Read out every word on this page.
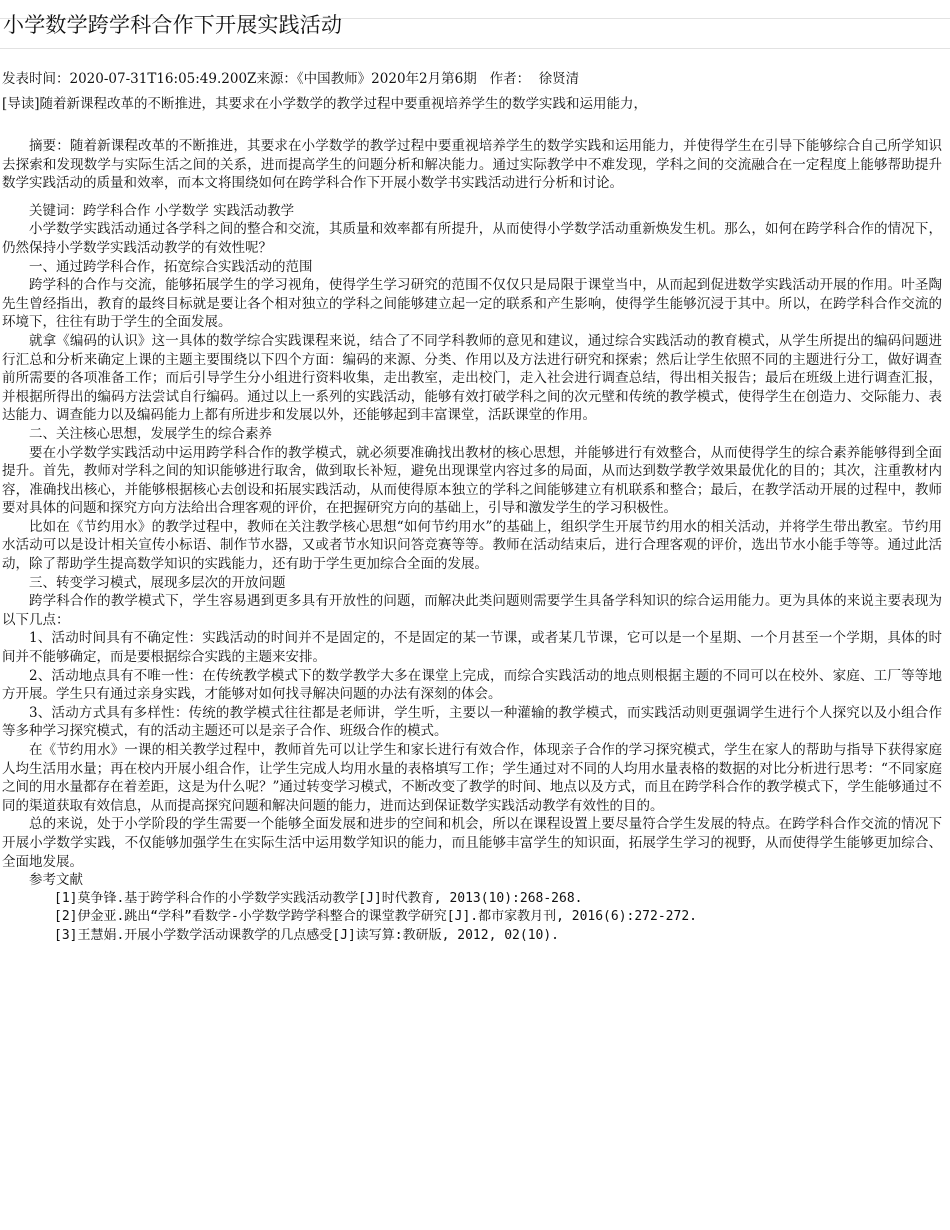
小学数学跨学科合作下开展实践活动
发表时间：2020-07-31T16:05:49.200Z来源：《中国教师》2020年2月第6期 作者： 徐贤清
[导读]随着新课程改革的不断推进，其要求在小学数学的教学过程中要重视培养学生的数学实践和运用能力，

摘要：随着新课程改革的不断推进，其要求在小学数学的教学过程中要重视培养学生的数学实践和运用能力，并使得学生在引导下能够综合自己所学知识去探索和发现数学与实际生活之间的关系，进而提高学生的问题分析和解决能力。通过实际教学中不难发现，学科之间的交流融合在一定程度上能够帮助提升数学实践活动的质量和效率，而本文将围绕如何在跨学科合作下开展小数学书实践活动进行分析和讨论。

关键词：跨学科合作 小学数学 实践活动教学

小学数学实践活动通过各学科之间的整合和交流，其质量和效率都有所提升，从而使得小学数学活动重新焕发生机。那么，如何在跨学科合作的情况下，仍然保持小学数学实践活动教学的有效性呢？

一、通过跨学科合作，拓宽综合实践活动的范围

跨学科的合作与交流，能够拓展学生的学习视角，使得学生学习研究的范围不仅仅只是局限于课堂当中，从而起到促进数学实践活动开展的作用。叶圣陶先生曾经指出，教育的最终目标就是要让各个相对独立的学科之间能够建立起一定的联系和产生影响，使得学生能够沉浸于其中。所以，在跨学科合作交流的环境下，往往有助于学生的全面发展。

就拿《编码的认识》这一具体的数学综合实践课程来说，结合了不同学科教师的意见和建议，通过综合实践活动的教育模式，从学生所提出的编码问题进行汇总和分析来确定上课的主题主要围绕以下四个方面：编码的来源、分类、作用以及方法进行研究和探索；然后让学生依照不同的主题进行分工，做好调查前所需要的各项准备工作；而后引导学生分小组进行资料收集，走出教室，走出校门，走入社会进行调查总结，得出相关报告；最后在班级上进行调查汇报，并根据所得出的编码方法尝试自行编码。通过以上一系列的实践活动，能够有效打破学科之间的次元壁和传统的教学模式，使得学生在创造力、交际能力、表达能力、调查能力以及编码能力上都有所进步和发展以外，还能够起到丰富课堂，活跃课堂的作用。

二、关注核心思想，发展学生的综合素养

要在小学数学实践活动中运用跨学科合作的教学模式，就必须要准确找出教材的核心思想，并能够进行有效整合，从而使得学生的综合素养能够得到全面提升。首先，教师对学科之间的知识能够进行取舍，做到取长补短，避免出现课堂内容过多的局面，从而达到数学教学效果最优化的目的；其次，注重教材内容，准确找出核心，并能够根据核心去创设和拓展实践活动，从而使得原本独立的学科之间能够建立有机联系和整合；最后，在教学活动开展的过程中，教师要对具体的问题和探究方向方法给出合理客观的评价，在把握研究方向的基础上，引导和激发学生的学习积极性。

比如在《节约用水》的教学过程中，教师在关注教学核心思想“如何节约用水”的基础上，组织学生开展节约用水的相关活动，并将学生带出教室。节约用水活动可以是设计相关宣传小标语、制作节水器，又或者节水知识问答竞赛等等。教师在活动结束后，进行合理客观的评价，选出节水小能手等等。通过此活动，除了帮助学生提高数学知识的实践能力，还有助于学生更加综合全面的发展。

三、转变学习模式，展现多层次的开放问题

跨学科合作的教学模式下，学生容易遇到更多具有开放性的问题，而解决此类问题则需要学生具备学科知识的综合运用能力。更为具体的来说主要表现为以下几点：

1、活动时间具有不确定性：实践活动的时间并不是固定的，不是固定的某一节课，或者某几节课，它可以是一个星期、一个月甚至一个学期，具体的时间并不能够确定，而是要根据综合实践的主题来安排。

2、活动地点具有不唯一性：在传统教学模式下的数学教学大多在课堂上完成，而综合实践活动的地点则根据主题的不同可以在校外、家庭、工厂等等地方开展。学生只有通过亲身实践，才能够对如何找寻解决问题的办法有深刻的体会。

3、活动方式具有多样性：传统的教学模式往往都是老师讲，学生听，主要以一种灌输的教学模式，而实践活动则更强调学生进行个人探究以及小组合作等多种学习探究模式，有的活动主题还可以是亲子合作、班级合作的模式。

在《节约用水》一课的相关教学过程中，教师首先可以让学生和家长进行有效合作，体现亲子合作的学习探究模式，学生在家人的帮助与指导下获得家庭人均生活用水量；再在校内开展小组合作，让学生完成人均用水量的表格填写工作；学生通过对不同的人均用水量表格的数据的对比分析进行思考：“不同家庭之间的用水量都存在着差距，这是为什么呢？”通过转变学习模式，不断改变了教学的时间、地点以及方式，而且在跨学科合作的教学模式下，学生能够通过不同的渠道获取有效信息，从而提高探究问题和解决问题的能力，进而达到保证数学实践活动教学有效性的目的。

总的来说，处于小学阶段的学生需要一个能够全面发展和进步的空间和机会，所以在课程设置上要尽量符合学生发展的特点。在跨学科合作交流的情况下开展小学数学实践，不仅能够加强学生在实际生活中运用数学知识的能力，而且能够丰富学生的知识面，拓展学生学习的视野，从而使得学生能够更加综合、全面地发展。

参考文献

[1]莫争锋.基于跨学科合作的小学数学实践活动教学[J]时代教育, 2013(10):268-268.
[2]伊金亚.跳出“学科”看数学-小学数学跨学科整合的课堂教学研究[J].都市家教月刊, 2016(6):272-272.
[3]王慧娟.开展小学数学活动课教学的几点感受[J]读写算:教研版, 2012, 02(10).
